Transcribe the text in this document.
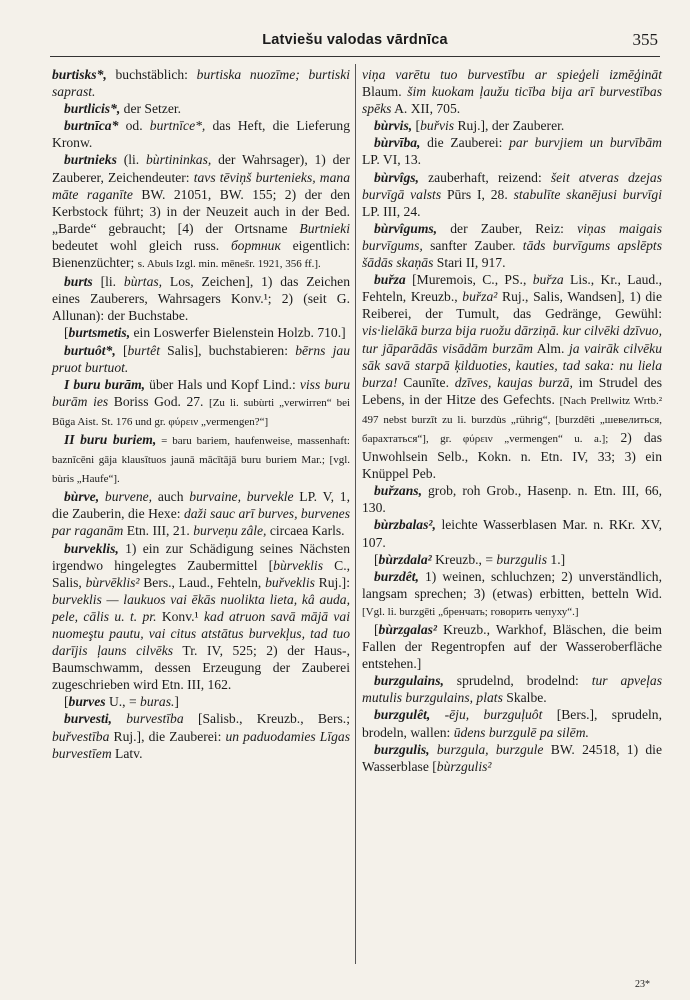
Latviešu valodas vārdnīca	355

burtisks*, buchstäblich: burtiska nuozīme; burtiski saprast.

burtlicis*, der Setzer.

burtnīca* od. burtnīce*, das Heft, die Lieferung Kronw.

burtnieks (li. bùrtininkas, der Wahrsager), 1) der Zauberer, Zeichendeuter: tavs tēviņš burtenieks, mana māte raganīte BW. 21051, BW. 155; 2) der den Kerbstock führt; 3) in der Neuzeit auch in der Bed. „Barde“ gebraucht; [4) der Ortsname Burtnieki bedeutet wohl gleich russ. бортник eigentlich: Bienenzüchter; s. Abuls Izgl. min. mēnešr. 1921, 356 ff.].

burts [li. bùrtas, Los, Zeichen], 1) das Zeichen eines Zauberers, Wahrsagers Konv.¹; 2) (seit G. Allunan): der Buchstabe.

[burtsmetis, ein Loswerfer Bielenstein Holzb. 710.]

burtuôt*, [burtêt Salis], buchstabieren: bērns jau pruot burtuot.

I buru burām, über Hals und Kopf Lind.: viss buru burām ies Boriss God. 27. [Zu li. subùrti „verwirren“ bei Būga Aist. St. 176 und gr. φύρειν „vermengen?“]

II buru buriem, = baru bariem, haufenweise, massenhaft: baznīcēni gāja klausītuos jaunā mācītājā buru buriem Mar.; [vgl. bùris „Haufe“].

bùrve, burvene, auch burvaine, burvekle LP. V, 1, die Zauberin, die Hexe: daži sauc arī burves, burvenes par raganām Etn. III, 21. burveņu zâle, circaea Karls.

burveklis, 1) ein zur Schädigung seines Nächsten irgendwo hingelegtes Zaubermittel [bùrveklis C., Salis, bùrvēklis² Bers., Laud., Fehteln, buřveklis Ruj.]: burveklis — laukuos vai ēkās nuolikta lieta, kâ auda, pele, cālis u. t. pr. Konv.¹ kad atruon savā mājā vai nuomeştu pautu, vai citus atstātus burvekļus, tad tuo darījis ļauns cilvēks Tr. IV, 525; 2) der Haus-, Baumschwamm, dessen Erzeugung der Zauberei zugeschrieben wird Etn. III, 162.

[burves U., = buras.]

burvesti, burvestība [Salisb., Kreuzb., Bers.; buřvestība Ruj.], die Zauberei: un paduodamies Līgas burvestīem Latv.

viņa varētu tuo burvestību ar spieģeli izmēģināt Blaum. šim kuokam ļaužu ticība bija arī burvestības spēks A. XII, 705.

bùrvis, [buřvis Ruj.], der Zauberer.

bùrvība, die Zauberei: par burvjiem un burvībām LP. VI, 13.

bùrvîgs, zauberhaft, reizend: šeit atveras dzejas burvīgā valsts Pūrs I, 28. stabulīte skanējusi burvīgi LP. III, 24.

bùrvîgums, der Zauber, Reiz: viņas maigais burvīgums, sanfter Zauber. tāds burvīgums apslēpts šādās skaņās Stari II, 917.

buřza [Muremois, C., PS., buřza Lis., Kr., Laud., Fehteln, Kreuzb., buřza² Ruj., Salis, Wandsen], 1) die Reiberei, der Tumult, das Gedränge, Gewühl: vis·lielākā burza bija ruožu dārziņā. kur cilvēki dzīvuo, tur jāparādās visādām burzām Alm. ja vairāk cilvēku sāk savā starpā ķilduoties, kauties, tad saka: nu liela burza! Caunīte. dzīves, kaujas burzā, im Strudel des Lebens, in der Hitze des Gefechts. [Nach Prellwitz Wrtb.² 497 nebst burzīt zu li. burzdùs „rührig“, [burzdēti „шевелиться, барахтаться“], gr. φύρειν „vermengen“ u. a.]; 2) das Unwohlsein Selb., Kokn. n. Etn. IV, 33; 3) ein Knüppel Peb.

buřzans, grob, roh Grob., Hasenp. n. Etn. III, 66, 130.

bùrzbalas², leichte Wasserblasen Mar. n. RKr. XV, 107.

[bùrzdala² Kreuzb., = burzgulis 1.]

burzdêt, 1) weinen, schluchzen; 2) unverständlich, langsam sprechen; 3) (etwas) erbitten, betteln Wid. [Vgl. li. burzgēti „бренчать; говорить чепуху“.]

[bùrzgalas² Kreuzb., Warkhof, Bläschen, die beim Fallen der Regentropfen auf der Wasseroberfläche entstehen.]

burzgulains, sprudelnd, brodelnd: tur apveļas mutulis burzgulains, plats Skalbe.

burzgulêt, -ēju, burzguļuôt [Bers.], sprudeln, brodeln, wallen: ūdens burzgulē pa silēm.

burzgulis, burzgula, burzgule BW. 24518, 1) die Wasserblase [bùrzgulis²

23*
